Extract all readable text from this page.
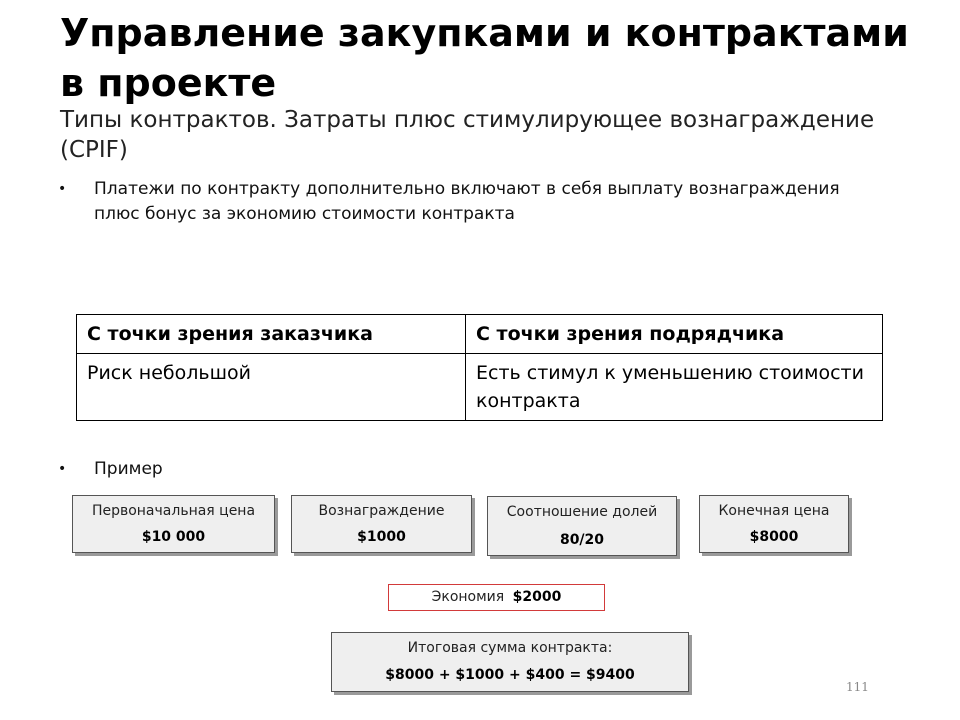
Управление закупками и контрактами в проекте
Типы контрактов. Затраты плюс стимулирующее вознаграждение (CPIF)
• Платежи по контракту дополнительно включают в себя выплату вознаграждения плюс бонус за экономию стоимости контракта
С точки зрения заказчика	С точки зрения подрядчика
Риск небольшой	Есть стимул к уменьшению стоимости контракта
• Пример
Первоначальная цена
$10 000
Вознаграждение
$1000
Соотношение долей
80/20
Конечная цена
$8000
Экономия $2000
Итоговая сумма контракта:
$8000 + $1000 + $400 = $9400
111
